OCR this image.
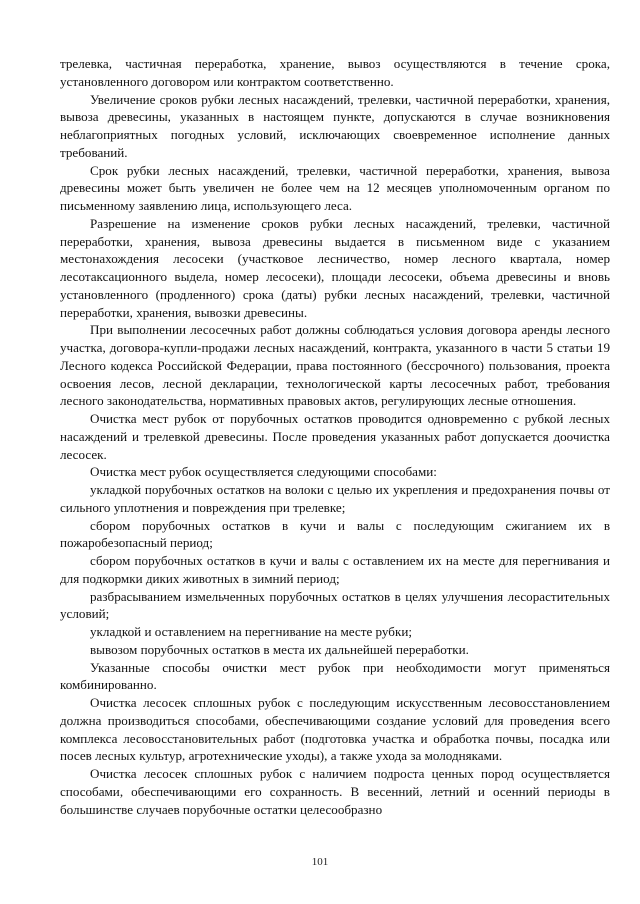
трелевка, частичная переработка, хранение, вывоз осуществляются в течение срока, установленного договором или контрактом соответственно.

Увеличение сроков рубки лесных насаждений, трелевки, частичной переработки, хранения, вывоза древесины, указанных в настоящем пункте, допускаются в случае возникновения неблагоприятных погодных условий, исключающих своевременное исполнение данных требований.

Срок рубки лесных насаждений, трелевки, частичной переработки, хранения, вывоза древесины может быть увеличен не более чем на 12 месяцев уполномоченным органом по письменному заявлению лица, использующего леса.

Разрешение на изменение сроков рубки лесных насаждений, трелевки, частичной переработки, хранения, вывоза древесины выдается в письменном виде с указанием местонахождения лесосеки (участковое лесничество, номер лесного квартала, номер лесотаксационного выдела, номер лесосеки), площади лесосеки, объема древесины и вновь установленного (продленного) срока (даты) рубки лесных насаждений, трелевки, частичной переработки, хранения, вывозки древесины.

При выполнении лесосечных работ должны соблюдаться условия договора аренды лесного участка, договора-купли-продажи лесных насаждений, контракта, указанного в части 5 статьи 19 Лесного кодекса Российской Федерации, права постоянного (бессрочного) пользования, проекта освоения лесов, лесной декларации, технологической карты лесосечных работ, требования лесного законодательства, нормативных правовых актов, регулирующих лесные отношения.

Очистка мест рубок от порубочных остатков проводится одновременно с рубкой лесных насаждений и трелевкой древесины. После проведения указанных работ допускается доочистка лесосек.

Очистка мест рубок осуществляется следующими способами:

укладкой порубочных остатков на волоки с целью их укрепления и предохранения почвы от сильного уплотнения и повреждения при трелевке;

сбором порубочных остатков в кучи и валы с последующим сжиганием их в пожаробезопасный период;

сбором порубочных остатков в кучи и валы с оставлением их на месте для перегнивания и для подкормки диких животных в зимний период;

разбрасыванием измельченных порубочных остатков в целях улучшения лесорастительных условий;

укладкой и оставлением на перегнивание на месте рубки;

вывозом порубочных остатков в места их дальнейшей переработки.

Указанные способы очистки мест рубок при необходимости могут применяться комбинированно.

Очистка лесосек сплошных рубок с последующим искусственным лесовосстановлением должна производиться способами, обеспечивающими создание условий для проведения всего комплекса лесовосстановительных работ (подготовка участка и обработка почвы, посадка или посев лесных культур, агротехнические уходы), а также ухода за молодняками.

Очистка лесосек сплошных рубок с наличием подроста ценных пород осуществляется способами, обеспечивающими его сохранность. В весенний, летний и осенний периоды в большинстве случаев порубочные остатки целесообразно

101
